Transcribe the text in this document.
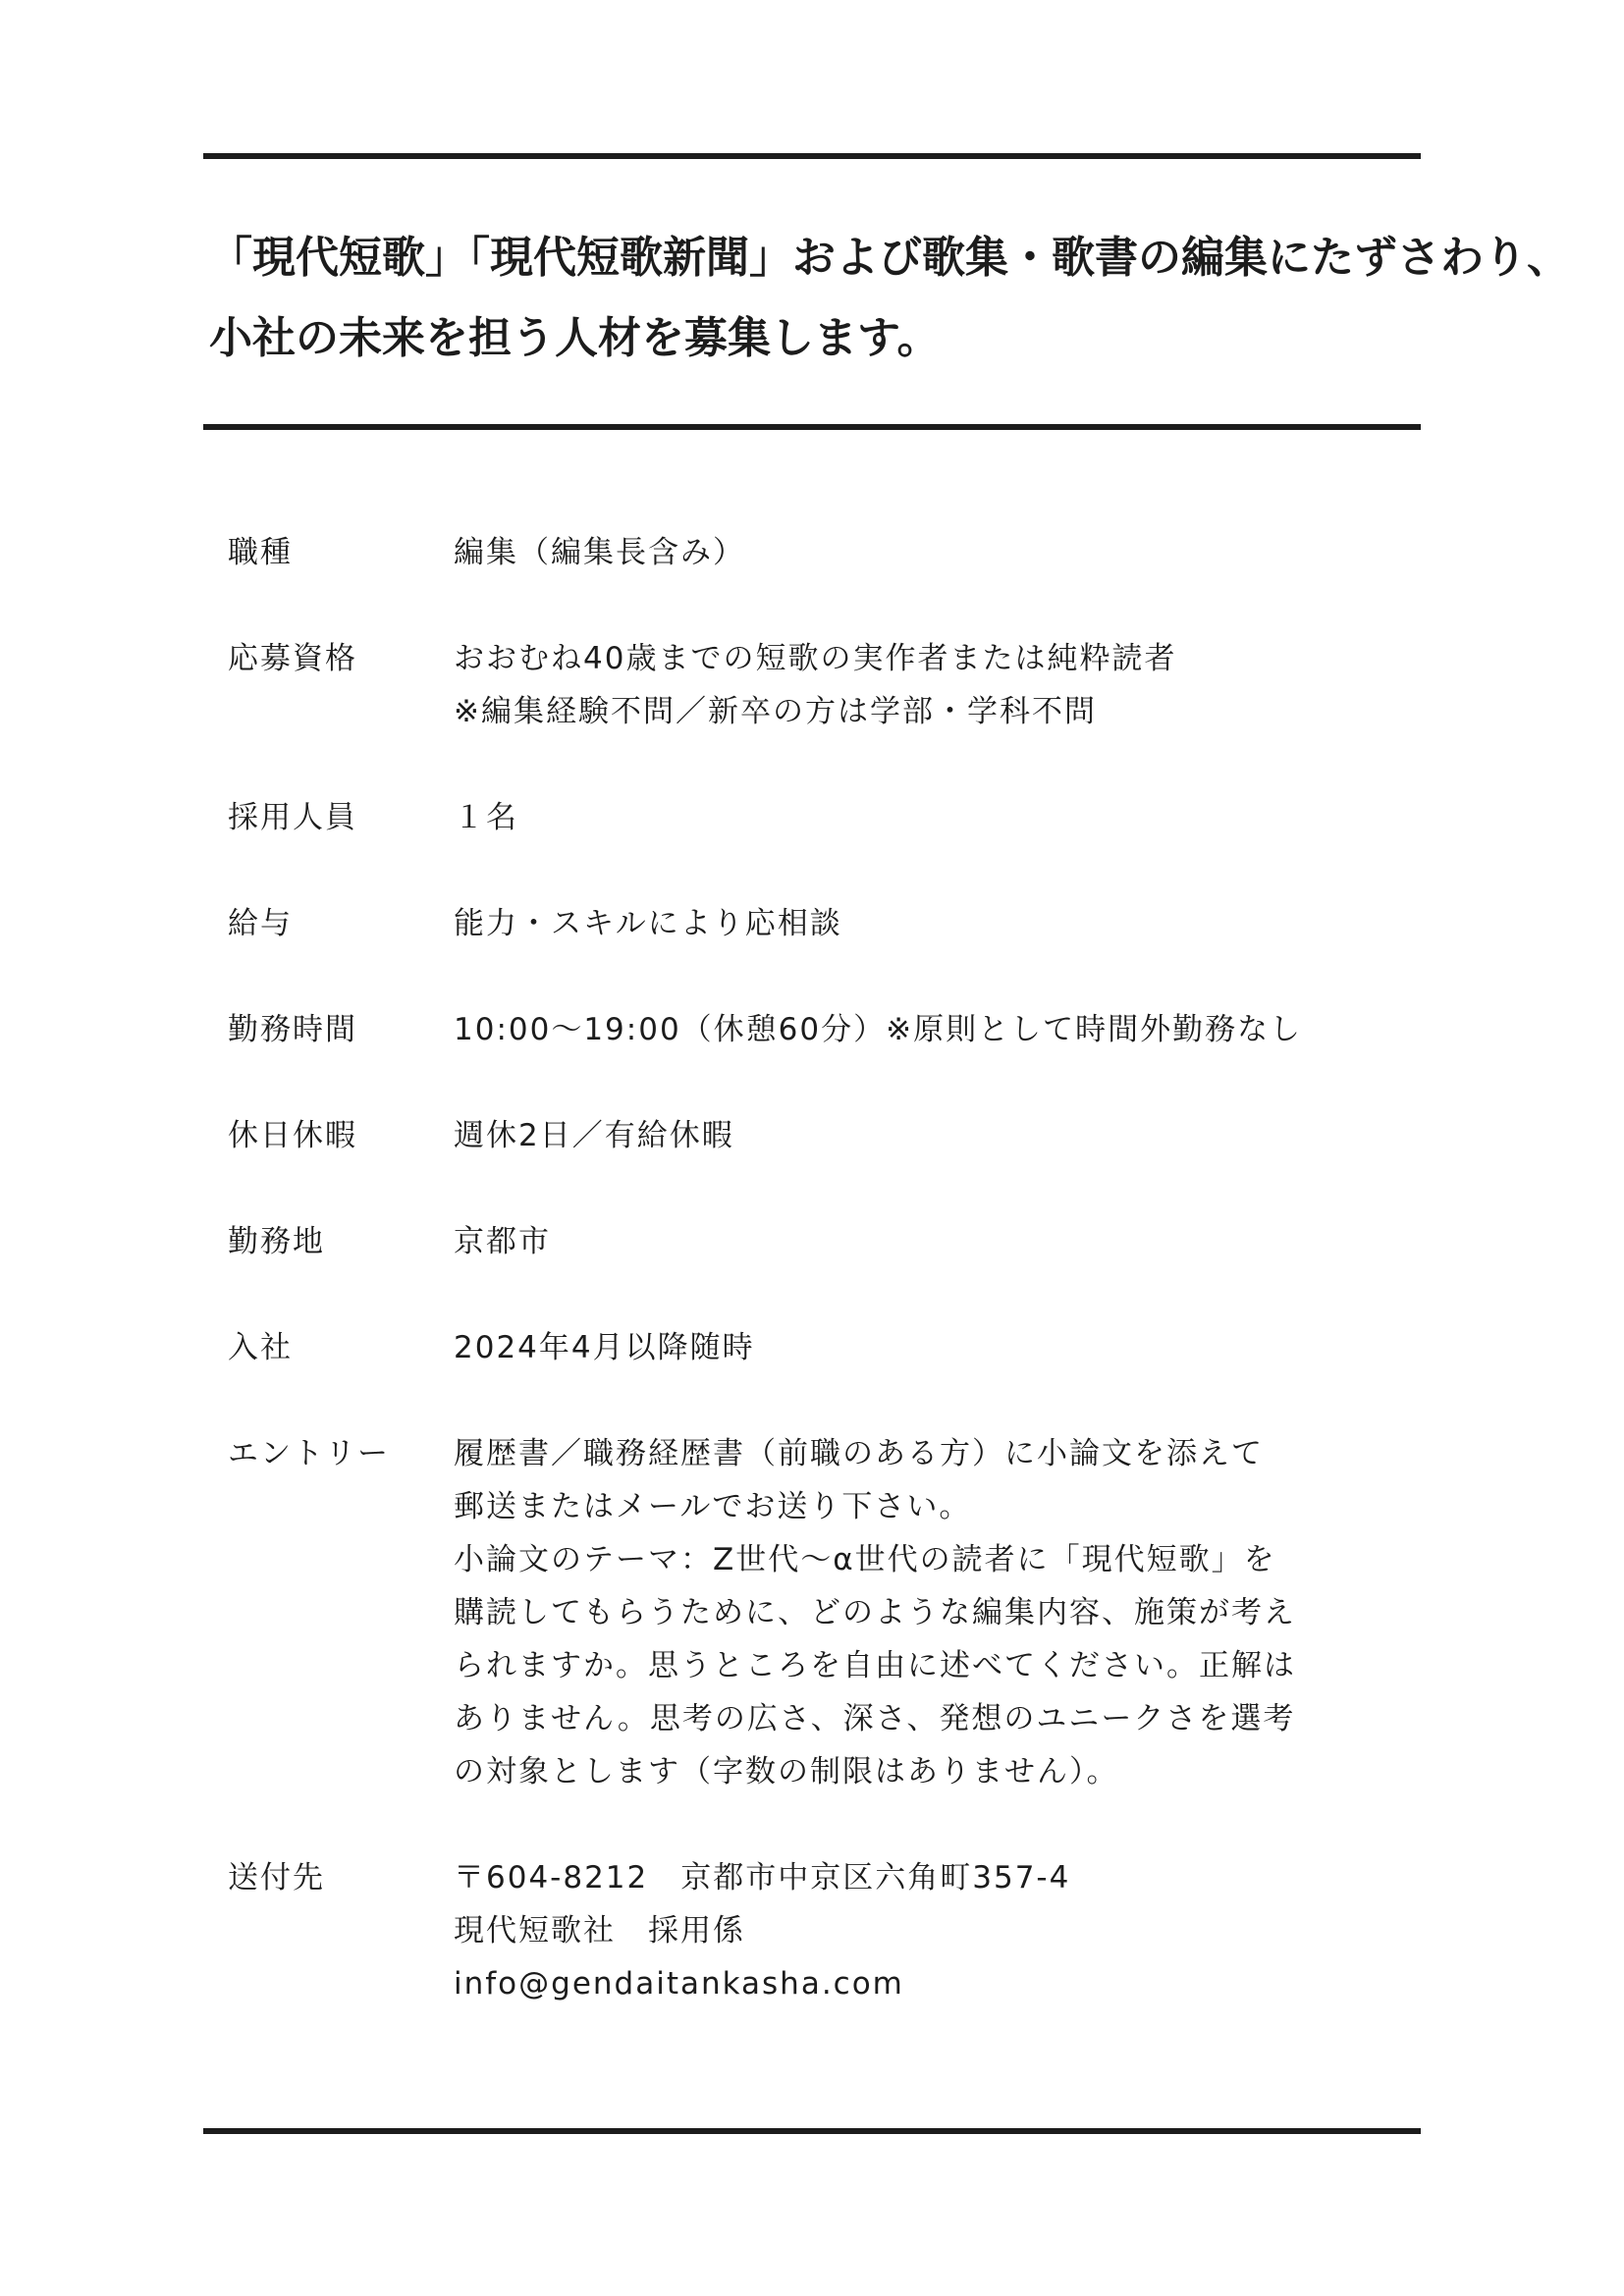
「現代短歌」「現代短歌新聞」および歌集・歌書の編集にたずさわり、
小社の未来を担う人材を募集します。
職種	編集（編集長含み）
応募資格	おおむね40歳までの短歌の実作者または純粋読者
※編集経験不問／新卒の方は学部・学科不問
採用人員	１名
給与	能力・スキルにより応相談
勤務時間	10:00〜19:00（休憩60分）※原則として時間外勤務なし
休日休暇	週休2日／有給休暇
勤務地	京都市
入社	2024年4月以降随時
エントリー	履歴書／職務経歴書（前職のある方）に小論文を添えて
郵送またはメールでお送り下さい。
小論文のテーマ：Z世代〜α世代の読者に「現代短歌」を
購読してもらうために、どのような編集内容、施策が考え
られますか。思うところを自由に述べてください。正解は
ありません。思考の広さ、深さ、発想のユニークさを選考
の対象とします（字数の制限はありません）。
送付先	〒604-8212　京都市中京区六角町357-4
現代短歌社　採用係
info@gendaitankasha.com
